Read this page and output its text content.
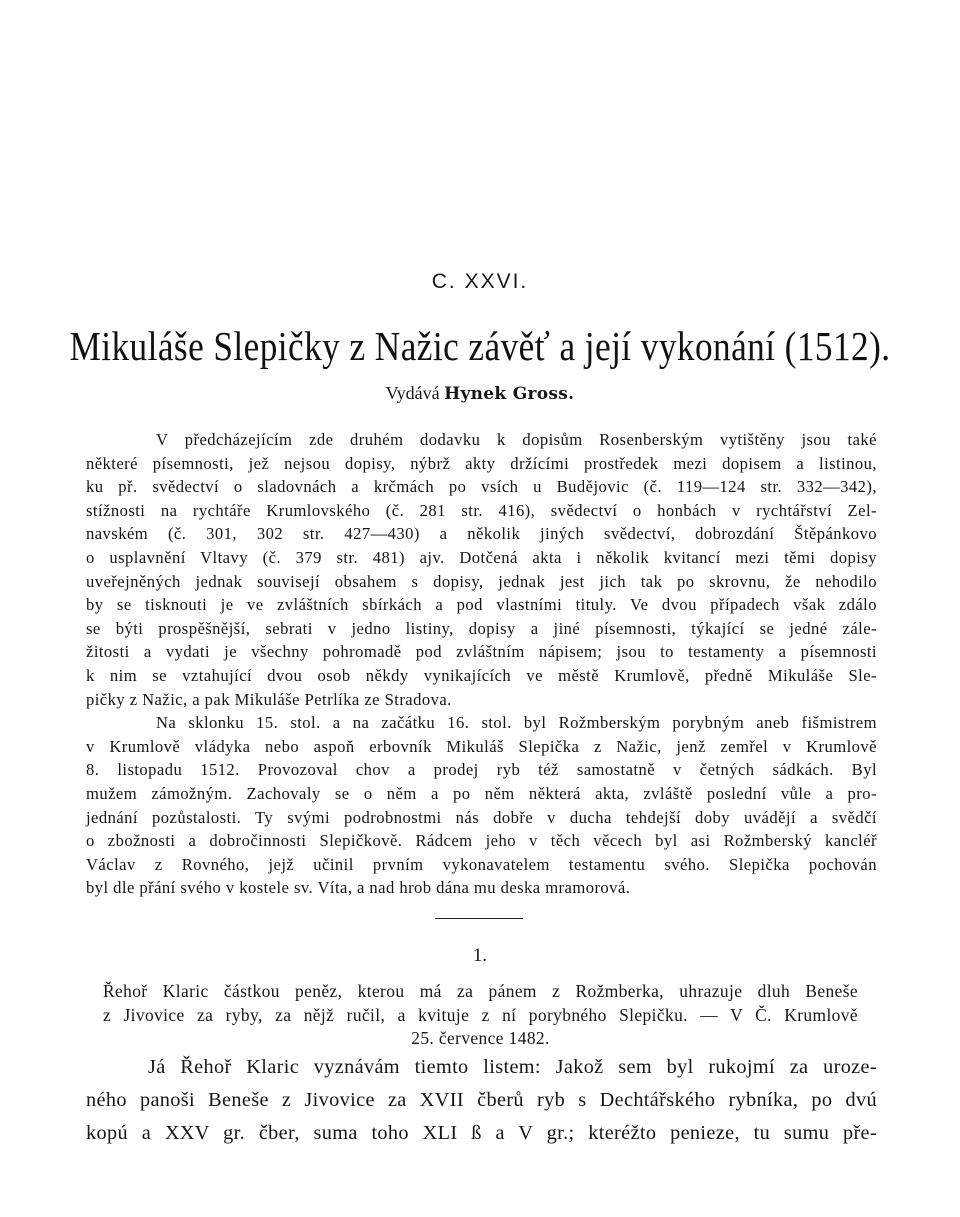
C. XXVI.
Mikuláše Slepičky z Nažic závěť a její vykonání (1512).
Vydává Hynek Gross.
V předcházejícím zde druhém dodavku k dopisům Rosenberským vytištěny jsou také
některé písemnosti, jež nejsou dopisy, nýbrž akty držícími prostředek mezi dopisem a listinou,
ku př. svědectví o sladovnách a krčmách po vsích u Budějovic (č. 119—124 str. 332—342),
stížnosti na rychtáře Krumlovského (č. 281 str. 416), svědectví o honbách v rychtářství Zel-
navském (č. 301, 302 str. 427—430) a několik jiných svědectví, dobrozdání Štěpánkovo
o usplavnění Vltavy (č. 379 str. 481) ajv. Dotčená akta i několik kvitancí mezi těmi dopisy
uveřejněných jednak souvisejí obsahem s dopisy, jednak jest jich tak po skrovnu, že nehodilo
by se tisknouti je ve zvláštních sbírkách a pod vlastními tituly. Ve dvou případech však zdálo
se býti prospěšnější, sebrati v jedno listiny, dopisy a jiné písemnosti, týkající se jedné zále-
žitosti a vydati je všechny pohromadě pod zvláštním nápisem; jsou to testamenty a písemnosti
k nim se vztahující dvou osob někdy vynikajících ve městě Krumlově, předně Mikuláše Sle-
pičky z Nažic, a pak Mikuláše Petrlíka ze Stradova.
Na sklonku 15. stol. a na začátku 16. stol. byl Rožmberským porybným aneb fišmistrem
v Krumlově vládyka nebo aspoň erbovník Mikuláš Slepička z Nažic, jenž zemřel v Krumlově
8. listopadu 1512. Provozoval chov a prodej ryb též samostatně v četných sádkách. Byl
mužem zámožným. Zachovaly se o něm a po něm některá akta, zvláště poslední vůle a pro-
jednání pozůstalosti. Ty svými podrobnostmi nás dobře v ducha tehdejší doby uvádějí a svědčí
o zbožnosti a dobročinnosti Slepičkově. Rádcem jeho v těch věcech byl asi Rožmberský kancléř
Václav z Rovného, jejž učinil prvním vykonavatelem testamentu svého. Slepička pochován
byl dle přání svého v kostele sv. Víta, a nad hrob dána mu deska mramorová.
1.
Řehoř Klaric částkou peněz, kterou má za pánem z Rožmberka, uhrazuje dluh Beneše
z Jivovice za ryby, za nějž ručil, a kvituje z ní porybného Slepičku. — V Č. Krumlově
25. července 1482.
Já Řehoř Klaric vyznávám tiemto listem: Jakož sem byl rukojmí za uroze-
ného panoši Beneše z Jivovice za XVII čberů ryb s Dechtářského rybníka, po dvú
kopú a XXV gr. čber, suma toho XLI ß a V gr.; kteréžto penieze, tu sumu pře-
